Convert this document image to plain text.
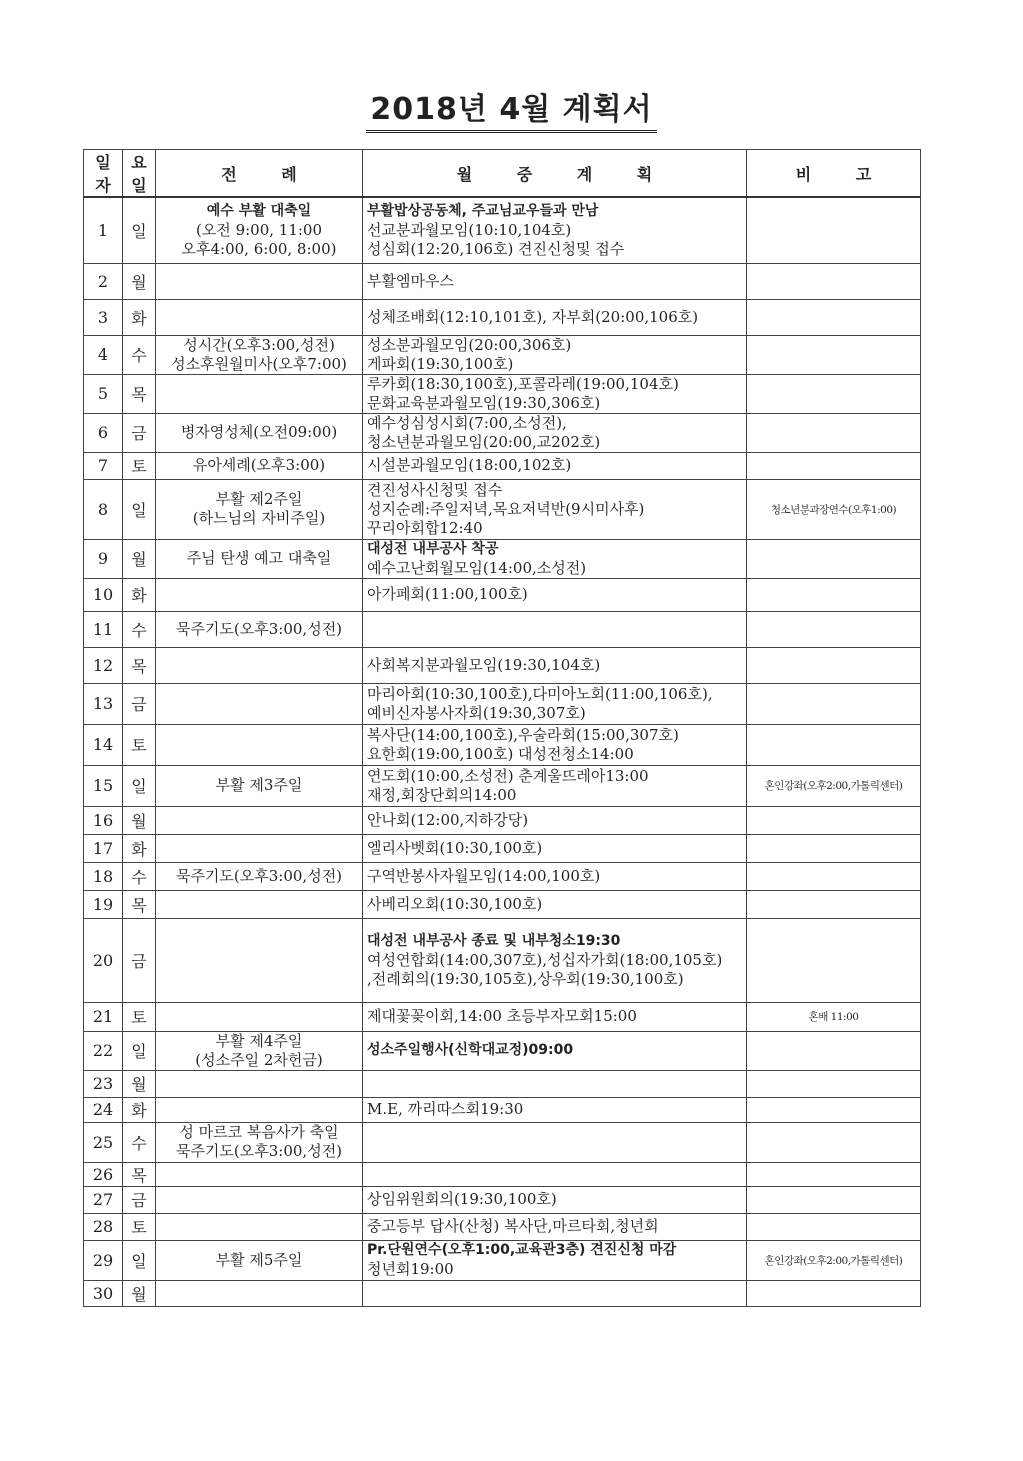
2018년 4월 계획서
일자	요일	전        례	월        중        계        획	비        고
1	일	예수 부활 대축일
(오전 9:00, 11:00
오후4:00, 6:00, 8:00)	부활밥상공동체, 주교님교우들과 만남
선교분과월모임(10:10,104호)
성심회(12:20,106호) 견진신청및 접수	

2	월		부활엠마우스	

3	화		성체조배회(12:10,101호), 자부회(20:00,106호)	

4	수	성시간(오후3:00,성전)
성소후원월미사(오후7:00)	성소분과월모임(20:00,306호)
게파회(19:30,100호)	

5	목		루카회(18:30,100호),포콜라레(19:00,104호)
문화교육분과월모임(19:30,306호)	

6	금	병자영성체(오전09:00)	예수성심성시회(7:00,소성전),
청소년분과월모임(20:00,교202호)	

7	토	유아세례(오후3:00)	시설분과월모임(18:00,102호)	

8	일	부활 제2주일
(하느님의 자비주일)	견진성사신청및 접수
성지순례:주일저녁,목요저녁반(9시미사후)
꾸리아회합12:40	청소년분과장연수(오후1:00)
9	월	주님 탄생 예고 대축일	대성전 내부공사 착공
예수고난회월모임(14:00,소성전)	

10	화		아가페회(11:00,100호)	

11	수	묵주기도(오후3:00,성전)		

12	목		사회복지분과월모임(19:30,104호)	

13	금		마리아회(10:30,100호),다미아노회(11:00,106호),
예비신자봉사자회(19:30,307호)	

14	토		복사단(14:00,100호),우술라회(15:00,307호)
요한회(19:00,100호) 대성전청소14:00	

15	일	부활 제3주일	연도회(10:00,소성전) 춘계울뜨레아13:00
재정,회장단회의14:00	혼인강좌(오후2:00,가톨릭센터)
16	월		안나회(12:00,지하강당)	

17	화		엘리사벳회(10:30,100호)	

18	수	묵주기도(오후3:00,성전)	구역반봉사자월모임(14:00,100호)	

19	목		사베리오회(10:30,100호)	

20	금		대성전 내부공사 종료 및 내부청소19:30
여성연합회(14:00,307호),성십자가회(18:00,105호)
,전례회의(19:30,105호),상우회(19:30,100호)	

21	토		제대꽃꽂이회,14:00 초등부자모회15:00	혼배 11:00
22	일	부활 제4주일
(성소주일 2차헌금)	성소주일행사(신학대교정)09:00	

23	월			
24	화		M.E, 까리따스회19:30	

25	수	성 마르코 복음사가 축일
묵주기도(오후3:00,성전)		

26	목			
27	금		상임위원회의(19:30,100호)	

28	토		중고등부 답사(산청) 복사단,마르타회,청년회	

29	일	부활 제5주일	Pr.단원연수(오후1:00,교육관3층) 견진신청 마감
청년회19:00	혼인강좌(오후2:00,가톨릭센터)
30	월			
